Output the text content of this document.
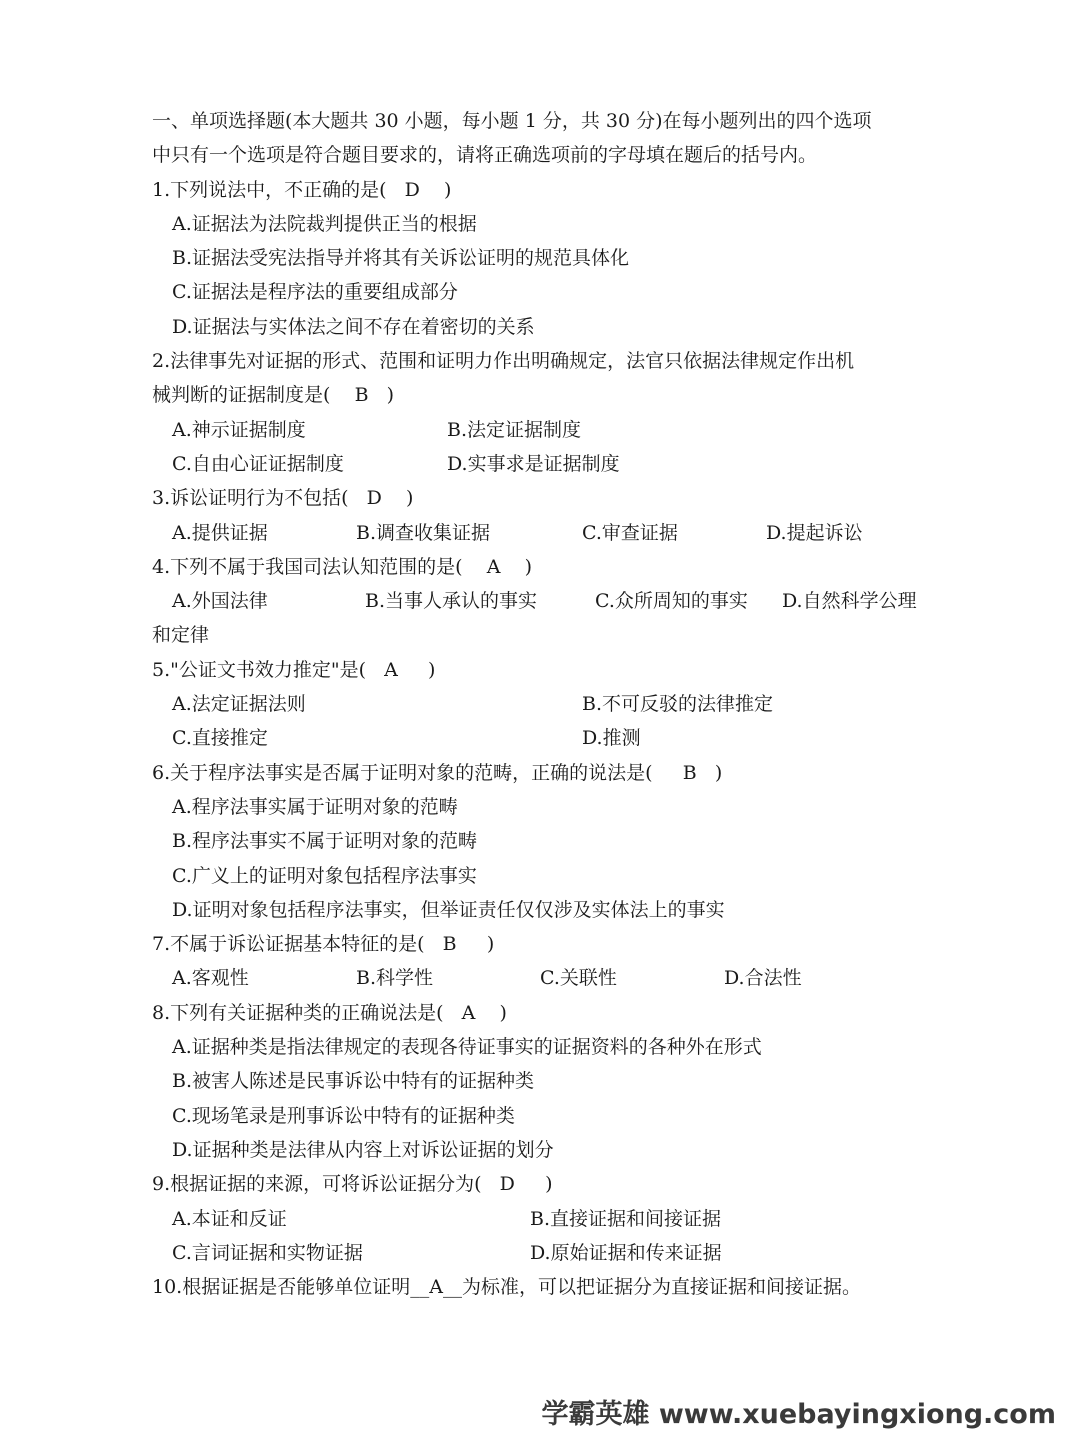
一、单项选择题(本大题共 30 小题，每小题 1 分，共 30 分)在每小题列出的四个选项
中只有一个选项是符合题目要求的，请将正确选项前的字母填在题后的括号内。
1.下列说法中，不正确的是(   D    )
A.证据法为法院裁判提供正当的根据
B.证据法受宪法指导并将其有关诉讼证明的规范具体化
C.证据法是程序法的重要组成部分
D.证据法与实体法之间不存在着密切的关系
2.法律事先对证据的形式、范围和证明力作出明确规定，法官只依据法律规定作出机
械判断的证据制度是(    B   )

A.神示证据制度

	B.法定证据制度

C.自由心证证据制度

	D.实事求是证据制度

3.诉讼证明行为不包括(   D    )

A.提供证据

	B.调查收集证据

	C.审查证据

	D.提起诉讼

4.下列不属于我国司法认知范围的是(    A    )

A.外国法律

	B.当事人承认的事实

	C.众所周知的事实

D.自然科学公理

和定律
5."公证文书效力推定"是(   A     )

A.法定证据法则

	B.不可反驳的法律推定

C.直接推定

	D.推测

6.关于程序法事实是否属于证明对象的范畴，正确的说法是(     B   )
A.程序法事实属于证明对象的范畴
B.程序法事实不属于证明对象的范畴
C.广义上的证明对象包括程序法事实
D.证明对象包括程序法事实，但举证责任仅仅涉及实体法上的事实
7.不属于诉讼证据基本特征的是(   B     )

A.客观性

	B.科学性

	C.关联性

	D.合法性

8.下列有关证据种类的正确说法是(   A    )
A.证据种类是指法律规定的表现各待证事实的证据资料的各种外在形式
B.被害人陈述是民事诉讼中特有的证据种类
C.现场笔录是刑事诉讼中特有的证据种类
D.证据种类是法律从内容上对诉讼证据的划分
9.根据证据的来源，可将诉讼证据分为(   D     )

A.本证和反证

	B.直接证据和间接证据

C.言词证据和实物证据

	D.原始证据和传来证据

10.根据证据是否能够单位证明__A__为标准，可以把证据分为直接证据和间接证据。
学霸英雄 www.xuebayingxiong.com
